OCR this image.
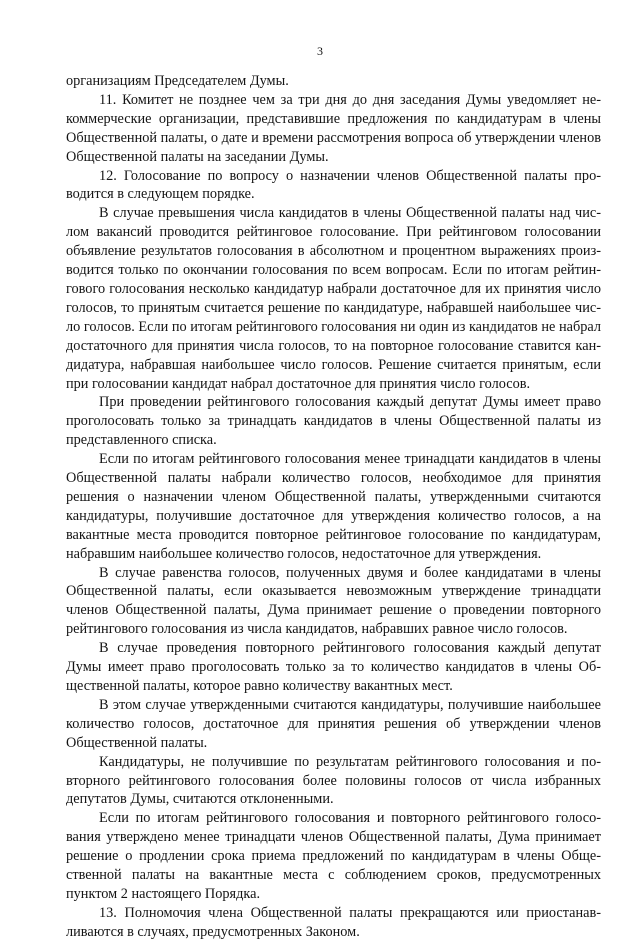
3

организациям Председателем Думы.

11. Комитет не позднее чем за три дня до дня заседания Думы уведомляет некоммерческие организации, представившие предложения по кандидатурам в члены Общественной палаты, о дате и времени рассмотрения вопроса об утверждении членов Общественной палаты на заседании Думы.

12. Голосование по вопросу о назначении членов Общественной палаты проводится в следующем порядке.

В случае превышения числа кандидатов в члены Общественной палаты над числом вакансий проводится рейтинговое голосование. При рейтинговом голосовании объявление результатов голосования в абсолютном и процентном выражениях производится только по окончании голосования по всем вопросам. Если по итогам рейтингового голосования несколько кандидатур набрали достаточное для их принятия число голосов, то принятым считается решение по кандидатуре, набравшей наибольшее число голосов. Если по итогам рейтингового голосования ни один из кандидатов не набрал достаточного для принятия числа голосов, то на повторное голосование ставится кандидатура, набравшая наибольшее число голосов. Решение считается принятым, если при голосовании кандидат набрал достаточное для принятия число голосов.

При проведении рейтингового голосования каждый депутат Думы имеет право проголосовать только за тринадцать кандидатов в члены Общественной палаты из представленного списка.

Если по итогам рейтингового голосования менее тринадцати кандидатов в члены Общественной палаты набрали количество голосов, необходимое для принятия решения о назначении членом Общественной палаты, утвержденными считаются кандидатуры, получившие достаточное для утверждения количество голосов, а на вакантные места проводится повторное рейтинговое голосование по кандидатурам, набравшим наибольшее количество голосов, недостаточное для утверждения.

В случае равенства голосов, полученных двумя и более кандидатами в члены Общественной палаты, если оказывается невозможным утверждение тринадцати членов Общественной палаты, Дума принимает решение о проведении повторного рейтингового голосования из числа кандидатов, набравших равное число голосов.

В случае проведения повторного рейтингового голосования каждый депутат Думы имеет право проголосовать только за то количество кандидатов в члены Общественной палаты, которое равно количеству вакантных мест.

В этом случае утвержденными считаются кандидатуры, получившие наибольшее количество голосов, достаточное для принятия решения об утверждении членов Общественной палаты.

Кандидатуры, не получившие по результатам рейтингового голосования и повторного рейтингового голосования более половины голосов от числа избранных депутатов Думы, считаются отклоненными.

Если по итогам рейтингового голосования и повторного рейтингового голосования утверждено менее тринадцати членов Общественной палаты, Дума принимает решение о продлении срока приема предложений по кандидатурам в члены Общественной палаты на вакантные места с соблюдением сроков, предусмотренных пунктом 2 настоящего Порядка.

13. Полномочия члена Общественной палаты прекращаются или приостанавливаются в случаях, предусмотренных Законом.
